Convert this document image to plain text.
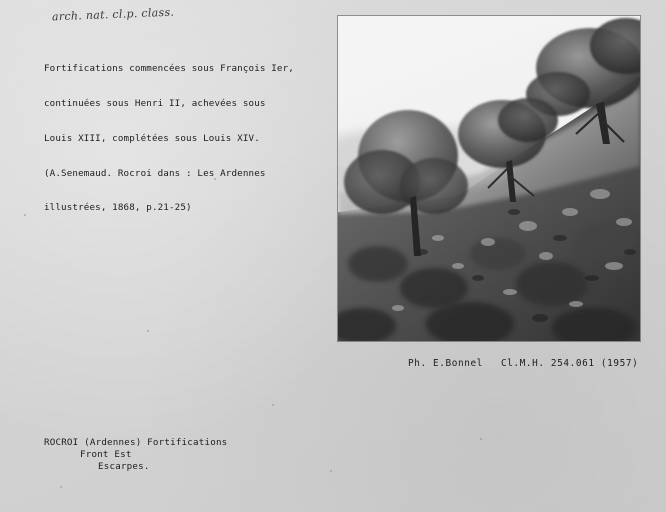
arch. nat. cl.p. class.

Fortifications commencées sous François Ier,

continuées sous Henri II, achevées sous

Louis XIII, complétées sous Louis XIV.

(A.Senemaud. Rocroi dans : Les Ardennes

illustrées, 1868, p.21-25)

Ph. E.Bonnel Cl.M.H. 254.061 (1957)
ROCROI (Ardennes) Fortifications
Front Est
Escarpes.
